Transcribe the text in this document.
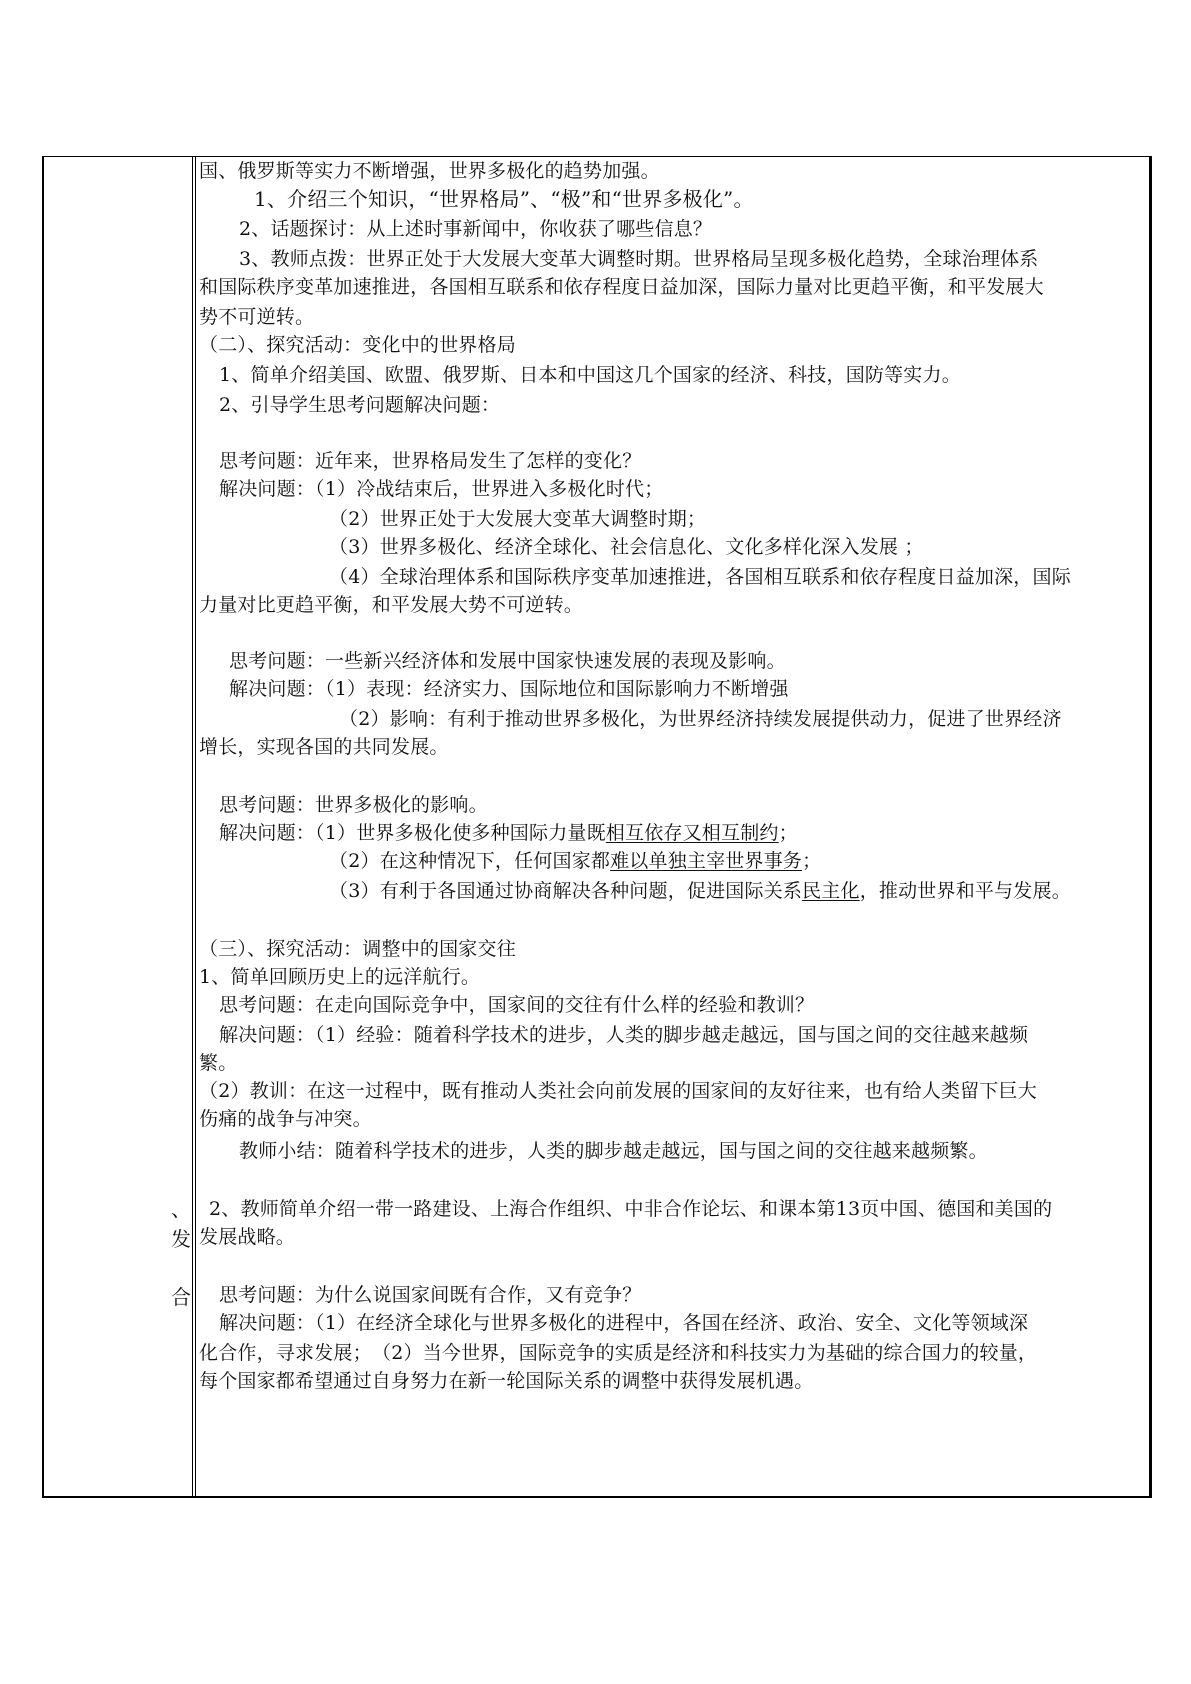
、
发
合
国、俄罗斯等实力不断增强，世界多极化的趋势加强。
1、介绍三个知识，“世界格局”、“极”和“世界多极化”。
2、话题探讨：从上述时事新闻中，你收获了哪些信息？
3、教师点拨：世界正处于大发展大变革大调整时期。世界格局呈现多极化趋势，全球治理体系
和国际秩序变革加速推进，各国相互联系和依存程度日益加深，国际力量对比更趋平衡，和平发展大
势不可逆转。
（二）、探究活动：变化中的世界格局
1、简单介绍美国、欧盟、俄罗斯、日本和中国这几个国家的经济、科技，国防等实力。
2、引导学生思考问题解决问题：
思考问题：近年来，世界格局发生了怎样的变化？
解决问题：（1）冷战结束后，世界进入多极化时代；
（2）世界正处于大发展大变革大调整时期；
（3）世界多极化、经济全球化、社会信息化、文化多样化深入发展 ；
（4）全球治理体系和国际秩序变革加速推进，各国相互联系和依存程度日益加深，国际
力量对比更趋平衡，和平发展大势不可逆转。
思考问题：一些新兴经济体和发展中国家快速发展的表现及影响。
解决问题：（1）表现：经济实力、国际地位和国际影响力不断增强
（2）影响：有利于推动世界多极化，为世界经济持续发展提供动力，促进了世界经济
增长，实现各国的共同发展。
思考问题：世界多极化的影响。
解决问题：（1）世界多极化使多种国际力量既相互依存又相互制约；
（2）在这种情况下，任何国家都难以单独主宰世界事务；
（3）有利于各国通过协商解决各种问题，促进国际关系民主化，推动世界和平与发展。
（三）、探究活动：调整中的国家交往
1、简单回顾历史上的远洋航行。
思考问题：在走向国际竞争中，国家间的交往有什么样的经验和教训？
解决问题：（1）经验：随着科学技术的进步，人类的脚步越走越远，国与国之间的交往越来越频
繁。
（2）教训：在这一过程中，既有推动人类社会向前发展的国家间的友好往来，也有给人类留下巨大
伤痛的战争与冲突。
教师小结：随着科学技术的进步，人类的脚步越走越远，国与国之间的交往越来越频繁。
2、教师简单介绍一带一路建设、上海合作组织、中非合作论坛、和课本第13页中国、德国和美国的
发展战略。
思考问题：为什么说国家间既有合作，又有竞争？
解决问题：（1）在经济全球化与世界多极化的进程中，各国在经济、政治、安全、文化等领域深
化合作，寻求发展；　（2）当今世界，国际竞争的实质是经济和科技实力为基础的综合国力的较量，
每个国家都希望通过自身努力在新一轮国际关系的调整中获得发展机遇。
